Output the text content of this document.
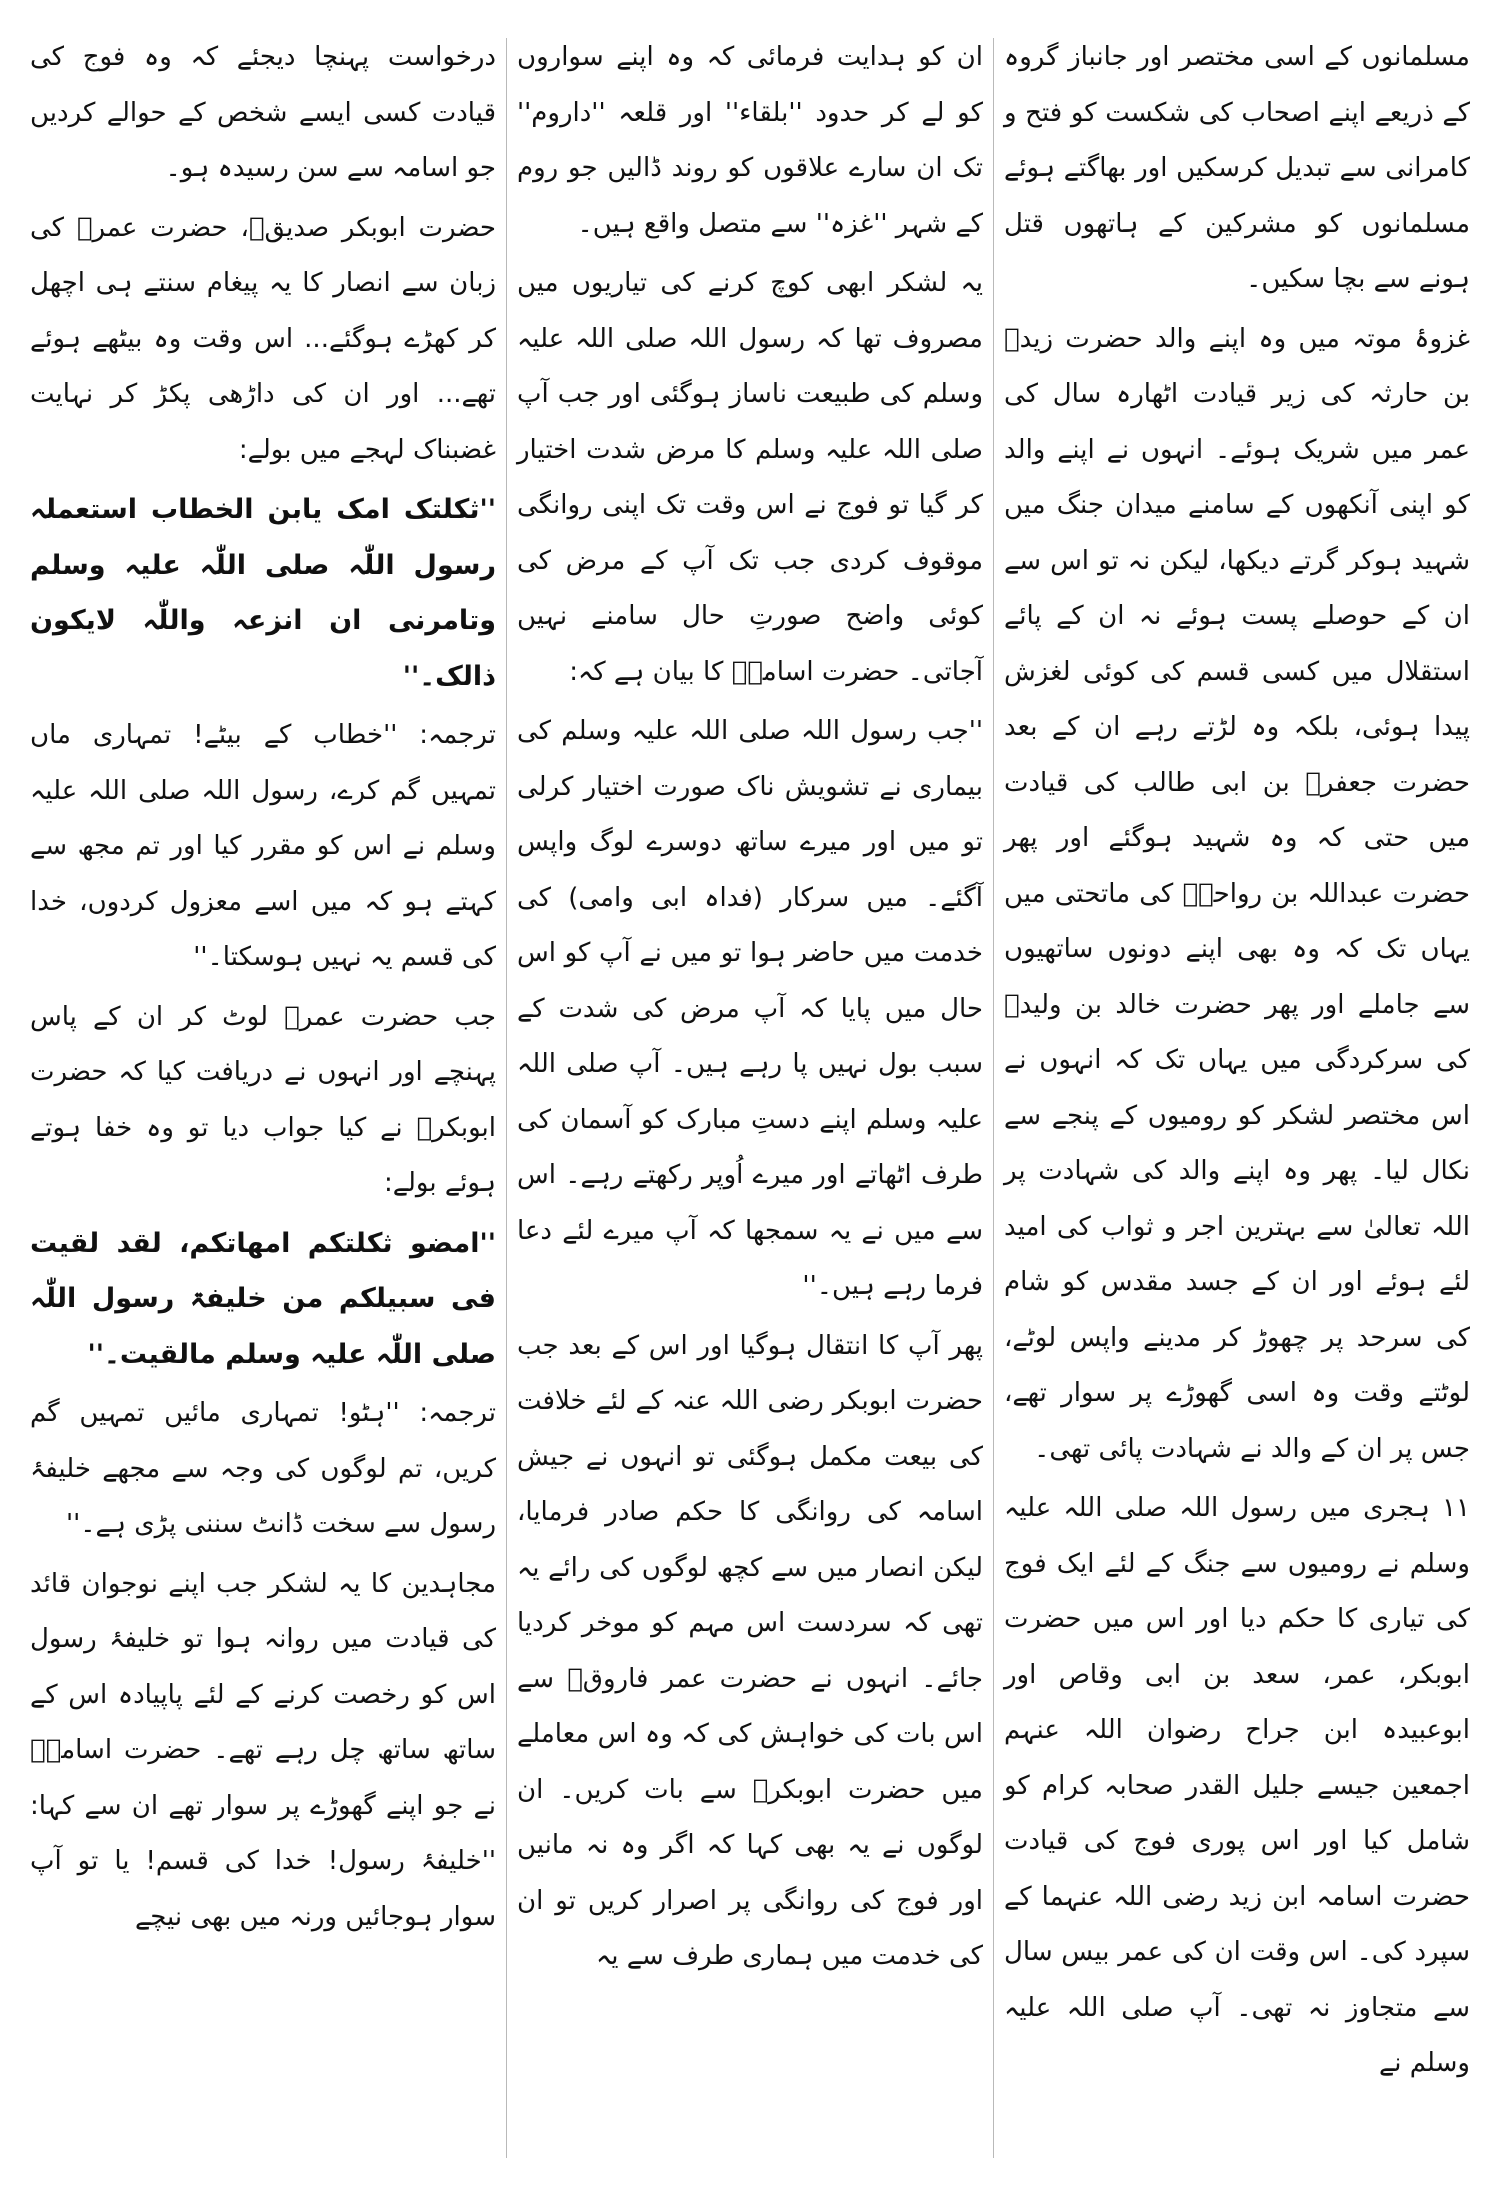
مسلمانوں کے اسی مختصر اور جانباز گروہ کے ذریعے اپنے اصحاب کی شکست کو فتح و کامرانی سے تبدیل کرسکیں اور بھاگتے ہوئے مسلمانوں کو مشرکین کے ہاتھوں قتل ہونے سے بچا سکیں۔

غزوۂ موتہ میں وہ اپنے والد حضرت زیدؓ بن حارثہ کی زیر قیادت اٹھارہ سال کی عمر میں شریک ہوئے۔ انہوں نے اپنے والد کو اپنی آنکھوں کے سامنے میدان جنگ میں شہید ہوکر گرتے دیکھا، لیکن نہ تو اس سے ان کے حوصلے پست ہوئے نہ ان کے پائے استقلال میں کسی قسم کی کوئی لغزش پیدا ہوئی، بلکہ وہ لڑتے رہے ان کے بعد حضرت جعفرؓ بن ابی طالب کی قیادت میں حتی کہ وہ شہید ہوگئے اور پھر حضرت عبداللہ بن رواحہؓ کی ماتحتی میں یہاں تک کہ وہ بھی اپنے دونوں ساتھیوں سے جاملے اور پھر حضرت خالد بن ولیدؓ کی سرکردگی میں یہاں تک کہ انہوں نے اس مختصر لشکر کو رومیوں کے پنجے سے نکال لیا۔ پھر وہ اپنے والد کی شہادت پر اللہ تعالیٰ سے بہترین اجر و ثواب کی امید لئے ہوئے اور ان کے جسد مقدس کو شام کی سرحد پر چھوڑ کر مدینے واپس لوٹے، لوٹتے وقت وہ اسی گھوڑے پر سوار تھے، جس پر ان کے والد نے شہادت پائی تھی۔

۱۱ ہجری میں رسول اللہ صلی اللہ علیہ وسلم نے رومیوں سے جنگ کے لئے ایک فوج کی تیاری کا حکم دیا اور اس میں حضرت ابوبکر، عمر، سعد بن ابی وقاص اور ابوعبیدہ ابن جراح رضوان اللہ عنہم اجمعین جیسے جلیل القدر صحابہ کرام کو شامل کیا اور اس پوری فوج کی قیادت حضرت اسامہ ابن زید رضی اللہ عنہما کے سپرد کی۔ اس وقت ان کی عمر بیس سال سے متجاوز نہ تھی۔ آپ صلی اللہ علیہ وسلم نے

ان کو ہدایت فرمائی کہ وہ اپنے سواروں کو لے کر حدود ''بلقاء'' اور قلعہ ''داروم'' تک ان سارے علاقوں کو روند ڈالیں جو روم کے شہر ''غزہ'' سے متصل واقع ہیں۔

یہ لشکر ابھی کوچ کرنے کی تیاریوں میں مصروف تھا کہ رسول اللہ صلی اللہ علیہ وسلم کی طبیعت ناساز ہوگئی اور جب آپ صلی اللہ علیہ وسلم کا مرض شدت اختیار کر گیا تو فوج نے اس وقت تک اپنی روانگی موقوف کردی جب تک آپ کے مرض کی کوئی واضح صورتِ حال سامنے نہیں آجاتی۔ حضرت اسامہؓ کا بیان ہے کہ:

''جب رسول اللہ صلی اللہ علیہ وسلم کی بیماری نے تشویش ناک صورت اختیار کرلی تو میں اور میرے ساتھ دوسرے لوگ واپس آگئے۔ میں سرکار (فداہ ابی وامی) کی خدمت میں حاضر ہوا تو میں نے آپ کو اس حال میں پایا کہ آپ مرض کی شدت کے سبب بول نہیں پا رہے ہیں۔ آپ صلی اللہ علیہ وسلم اپنے دستِ مبارک کو آسمان کی طرف اٹھاتے اور میرے اُوپر رکھتے رہے۔ اس سے میں نے یہ سمجھا کہ آپ میرے لئے دعا فرما رہے ہیں۔''

پھر آپ کا انتقال ہوگیا اور اس کے بعد جب حضرت ابوبکر رضی اللہ عنہ کے لئے خلافت کی بیعت مکمل ہوگئی تو انہوں نے جیش اسامہ کی روانگی کا حکم صادر فرمایا، لیکن انصار میں سے کچھ لوگوں کی رائے یہ تھی کہ سردست اس مہم کو موخر کردیا جائے۔ انہوں نے حضرت عمر فاروقؓ سے اس بات کی خواہش کی کہ وہ اس معاملے میں حضرت ابوبکرؓ سے بات کریں۔ ان لوگوں نے یہ بھی کہا کہ اگر وہ نہ مانیں اور فوج کی روانگی پر اصرار کریں تو ان کی خدمت میں ہماری طرف سے یہ

درخواست پہنچا دیجئے کہ وہ فوج کی قیادت کسی ایسے شخص کے حوالے کردیں جو اسامہ سے سن رسیدہ ہو۔

حضرت ابوبکر صدیقؓ، حضرت عمرؓ کی زبان سے انصار کا یہ پیغام سنتے ہی اچھل کر کھڑے ہوگئے... اس وقت وہ بیٹھے ہوئے تھے... اور ان کی داڑھی پکڑ کر نہایت غضبناک لہجے میں بولے:

''ثکلتک امک یابن الخطاب استعملہ رسول اللّٰہ صلی اللّٰہ علیہ وسلم وتامرنی ان انزعہ واللّٰہ لایکون ذالک۔''

ترجمہ: ''خطاب کے بیٹے! تمہاری ماں تمہیں گم کرے، رسول اللہ صلی اللہ علیہ وسلم نے اس کو مقرر کیا اور تم مجھ سے کہتے ہو کہ میں اسے معزول کردوں، خدا کی قسم یہ نہیں ہوسکتا۔''

جب حضرت عمرؓ لوٹ کر ان کے پاس پہنچے اور انہوں نے دریافت کیا کہ حضرت ابوبکرؓ نے کیا جواب دیا تو وہ خفا ہوتے ہوئے بولے:

''امضو ثکلتکم امھاتکم، لقد لقیت فی سبیلکم من خلیفۃ رسول اللّٰہ صلی اللّٰہ علیہ وسلم مالقیت۔''

ترجمہ: ''ہٹو! تمہاری مائیں تمہیں گم کریں، تم لوگوں کی وجہ سے مجھے خلیفۂ رسول سے سخت ڈانٹ سننی پڑی ہے۔''

مجاہدین کا یہ لشکر جب اپنے نوجوان قائد کی قیادت میں روانہ ہوا تو خلیفۂ رسول اس کو رخصت کرنے کے لئے پاپیادہ اس کے ساتھ ساتھ چل رہے تھے۔ حضرت اسامہؓ نے جو اپنے گھوڑے پر سوار تھے ان سے کہا: ''خلیفۂ رسول! خدا کی قسم! یا تو آپ سوار ہوجائیں ورنہ میں بھی نیچے
